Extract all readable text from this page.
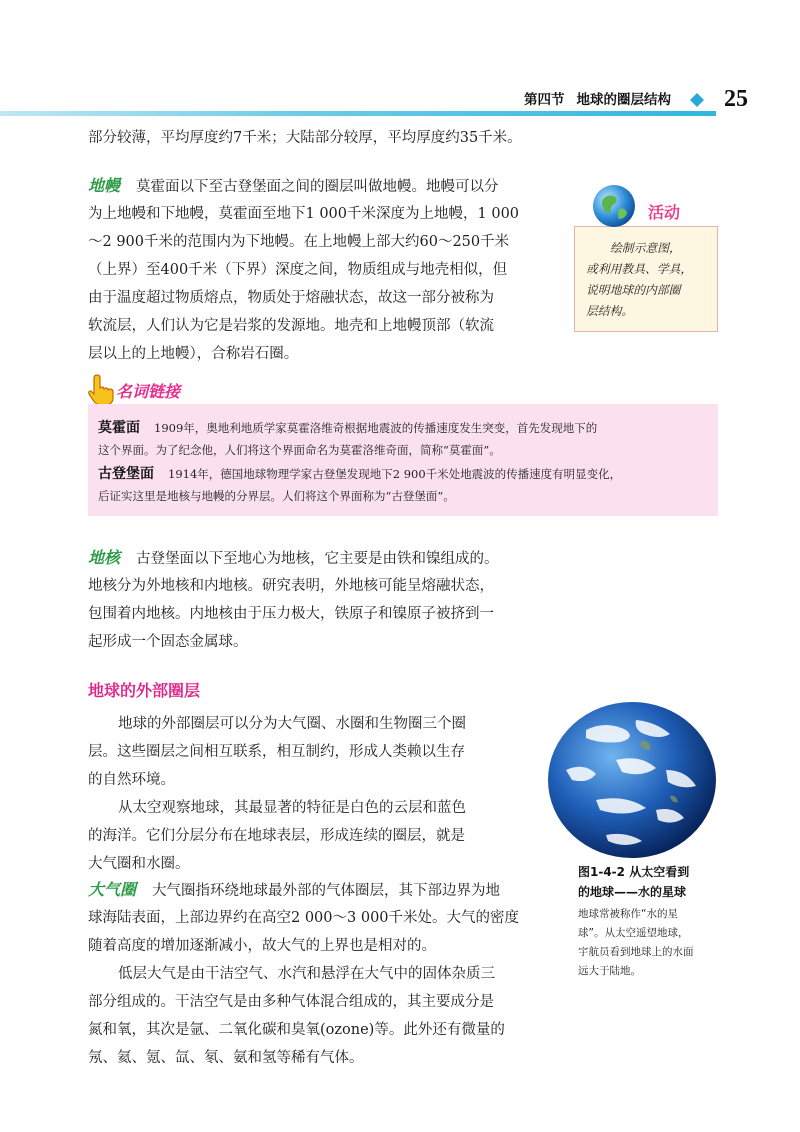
第四节 地球的圈层结构	25
部分较薄，平均厚度约7千米；大陆部分较厚，平均厚度约35千米。
地幔 莫霍面以下至古登堡面之间的圈层叫做地幔。地幔可以分
为上地幔和下地幔，莫霍面至地下1 000千米深度为上地幔，1 000
～2 900千米的范围内为下地幔。在上地幔上部大约60～250千米
（上界）至400千米（下界）深度之间，物质组成与地壳相似，但
由于温度超过物质熔点，物质处于熔融状态，故这一部分被称为
软流层，人们认为它是岩浆的发源地。地壳和上地幔顶部（软流
层以上的上地幔），合称岩石圈。
活动
绘制示意图，
或利用教具、学具，
说明地球的内部圈
层结构。
名词链接
莫霍面 1909年，奥地利地质学家莫霍洛维奇根据地震波的传播速度发生突变，首先发现地下的
这个界面。为了纪念他，人们将这个界面命名为莫霍洛维奇面，简称“莫霍面”。
古登堡面 1914年，德国地球物理学家古登堡发现地下2 900千米处地震波的传播速度有明显变化，
后证实这里是地核与地幔的分界层。人们将这个界面称为“古登堡面”。
地核 古登堡面以下至地心为地核，它主要是由铁和镍组成的。
地核分为外地核和内地核。研究表明，外地核可能呈熔融状态，
包围着内地核。内地核由于压力极大，铁原子和镍原子被挤到一
起形成一个固态金属球。
地球的外部圈层
地球的外部圈层可以分为大气圈、水圈和生物圈三个圈
层。这些圈层之间相互联系，相互制约，形成人类赖以生存
的自然环境。
从太空观察地球，其最显著的特征是白色的云层和蓝色
的海洋。它们分层分布在地球表层，形成连续的圈层，就是
大气圈和水圈。	图1-4-2 从太空看到
的地球——水的星球
地球常被称作“水的星
球”。从太空遥望地球，
宇航员看到地球上的水面
远大于陆地。
大气圈 大气圈指环绕地球最外部的气体圈层，其下部边界为地
球海陆表面，上部边界约在高空2 000～3 000千米处。大气的密度
随着高度的增加逐渐减小，故大气的上界也是相对的。
低层大气是由干洁空气、水汽和悬浮在大气中的固体杂质三
部分组成的。干洁空气是由多种气体混合组成的，其主要成分是
氮和氧，其次是氩、二氧化碳和臭氧(ozone)等。此外还有微量的
氖、氦、氪、氙、氡、氨和氢等稀有气体。
